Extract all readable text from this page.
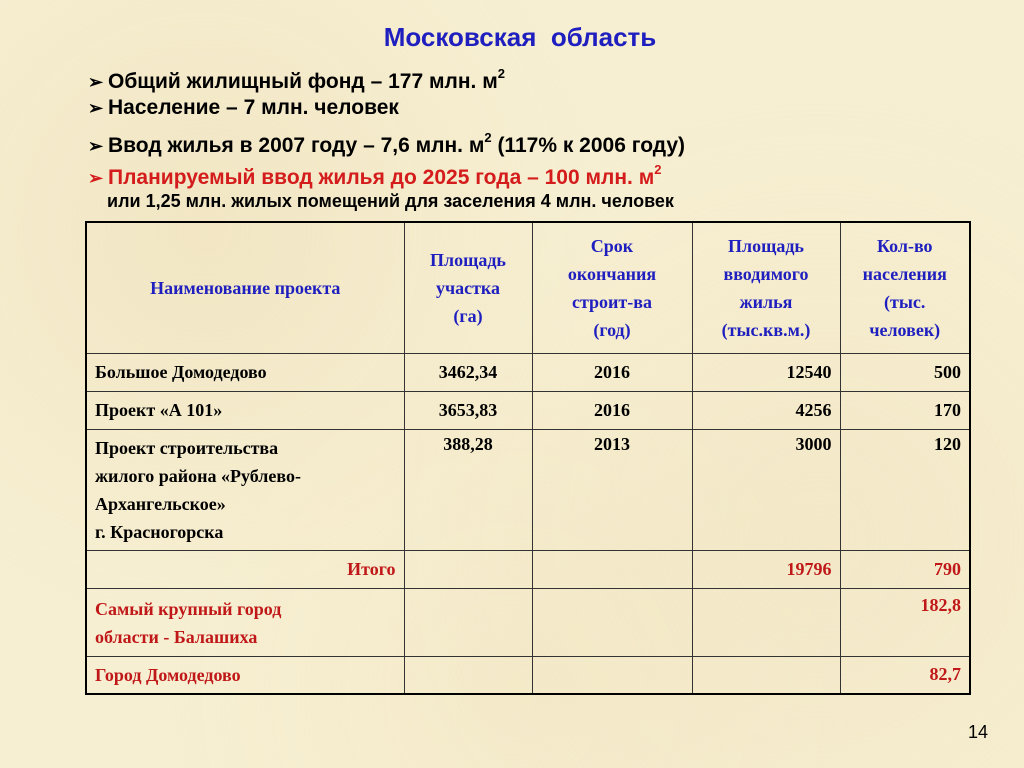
Московская  область
➢ Общий жилищный фонд – 177 млн. $м^2$
➢ Население – 7 млн. человек
➢ Ввод жилья в 2007 году – 7,6 млн. $м^2$ (117% к 2006 году)
➢ Планируемый ввод жилья до 2025 года – 100 млн. $м^2$
или 1,25 млн. жилых помещений для заселения 4 млн. человек
Наименование проекта	Площадь
участка
(га)	Срок
окончания
строит-ва
(год)	Площадь
вводимого
жилья
(тыс.кв.м.)	Кол-во
населения
(тыс.
человек)
Большое Домодедово	3462,34	2016	12540	500
Проект «А 101»	3653,83	2016	4256	170
Проект строительства
жилого района «Рублево-
Архангельское»
г. Красногорска	388,28	2013	3000	120
Итого			19796	790
Самый крупный город
области - Балашиха				182,8
Город Домодедово				82,7
14
